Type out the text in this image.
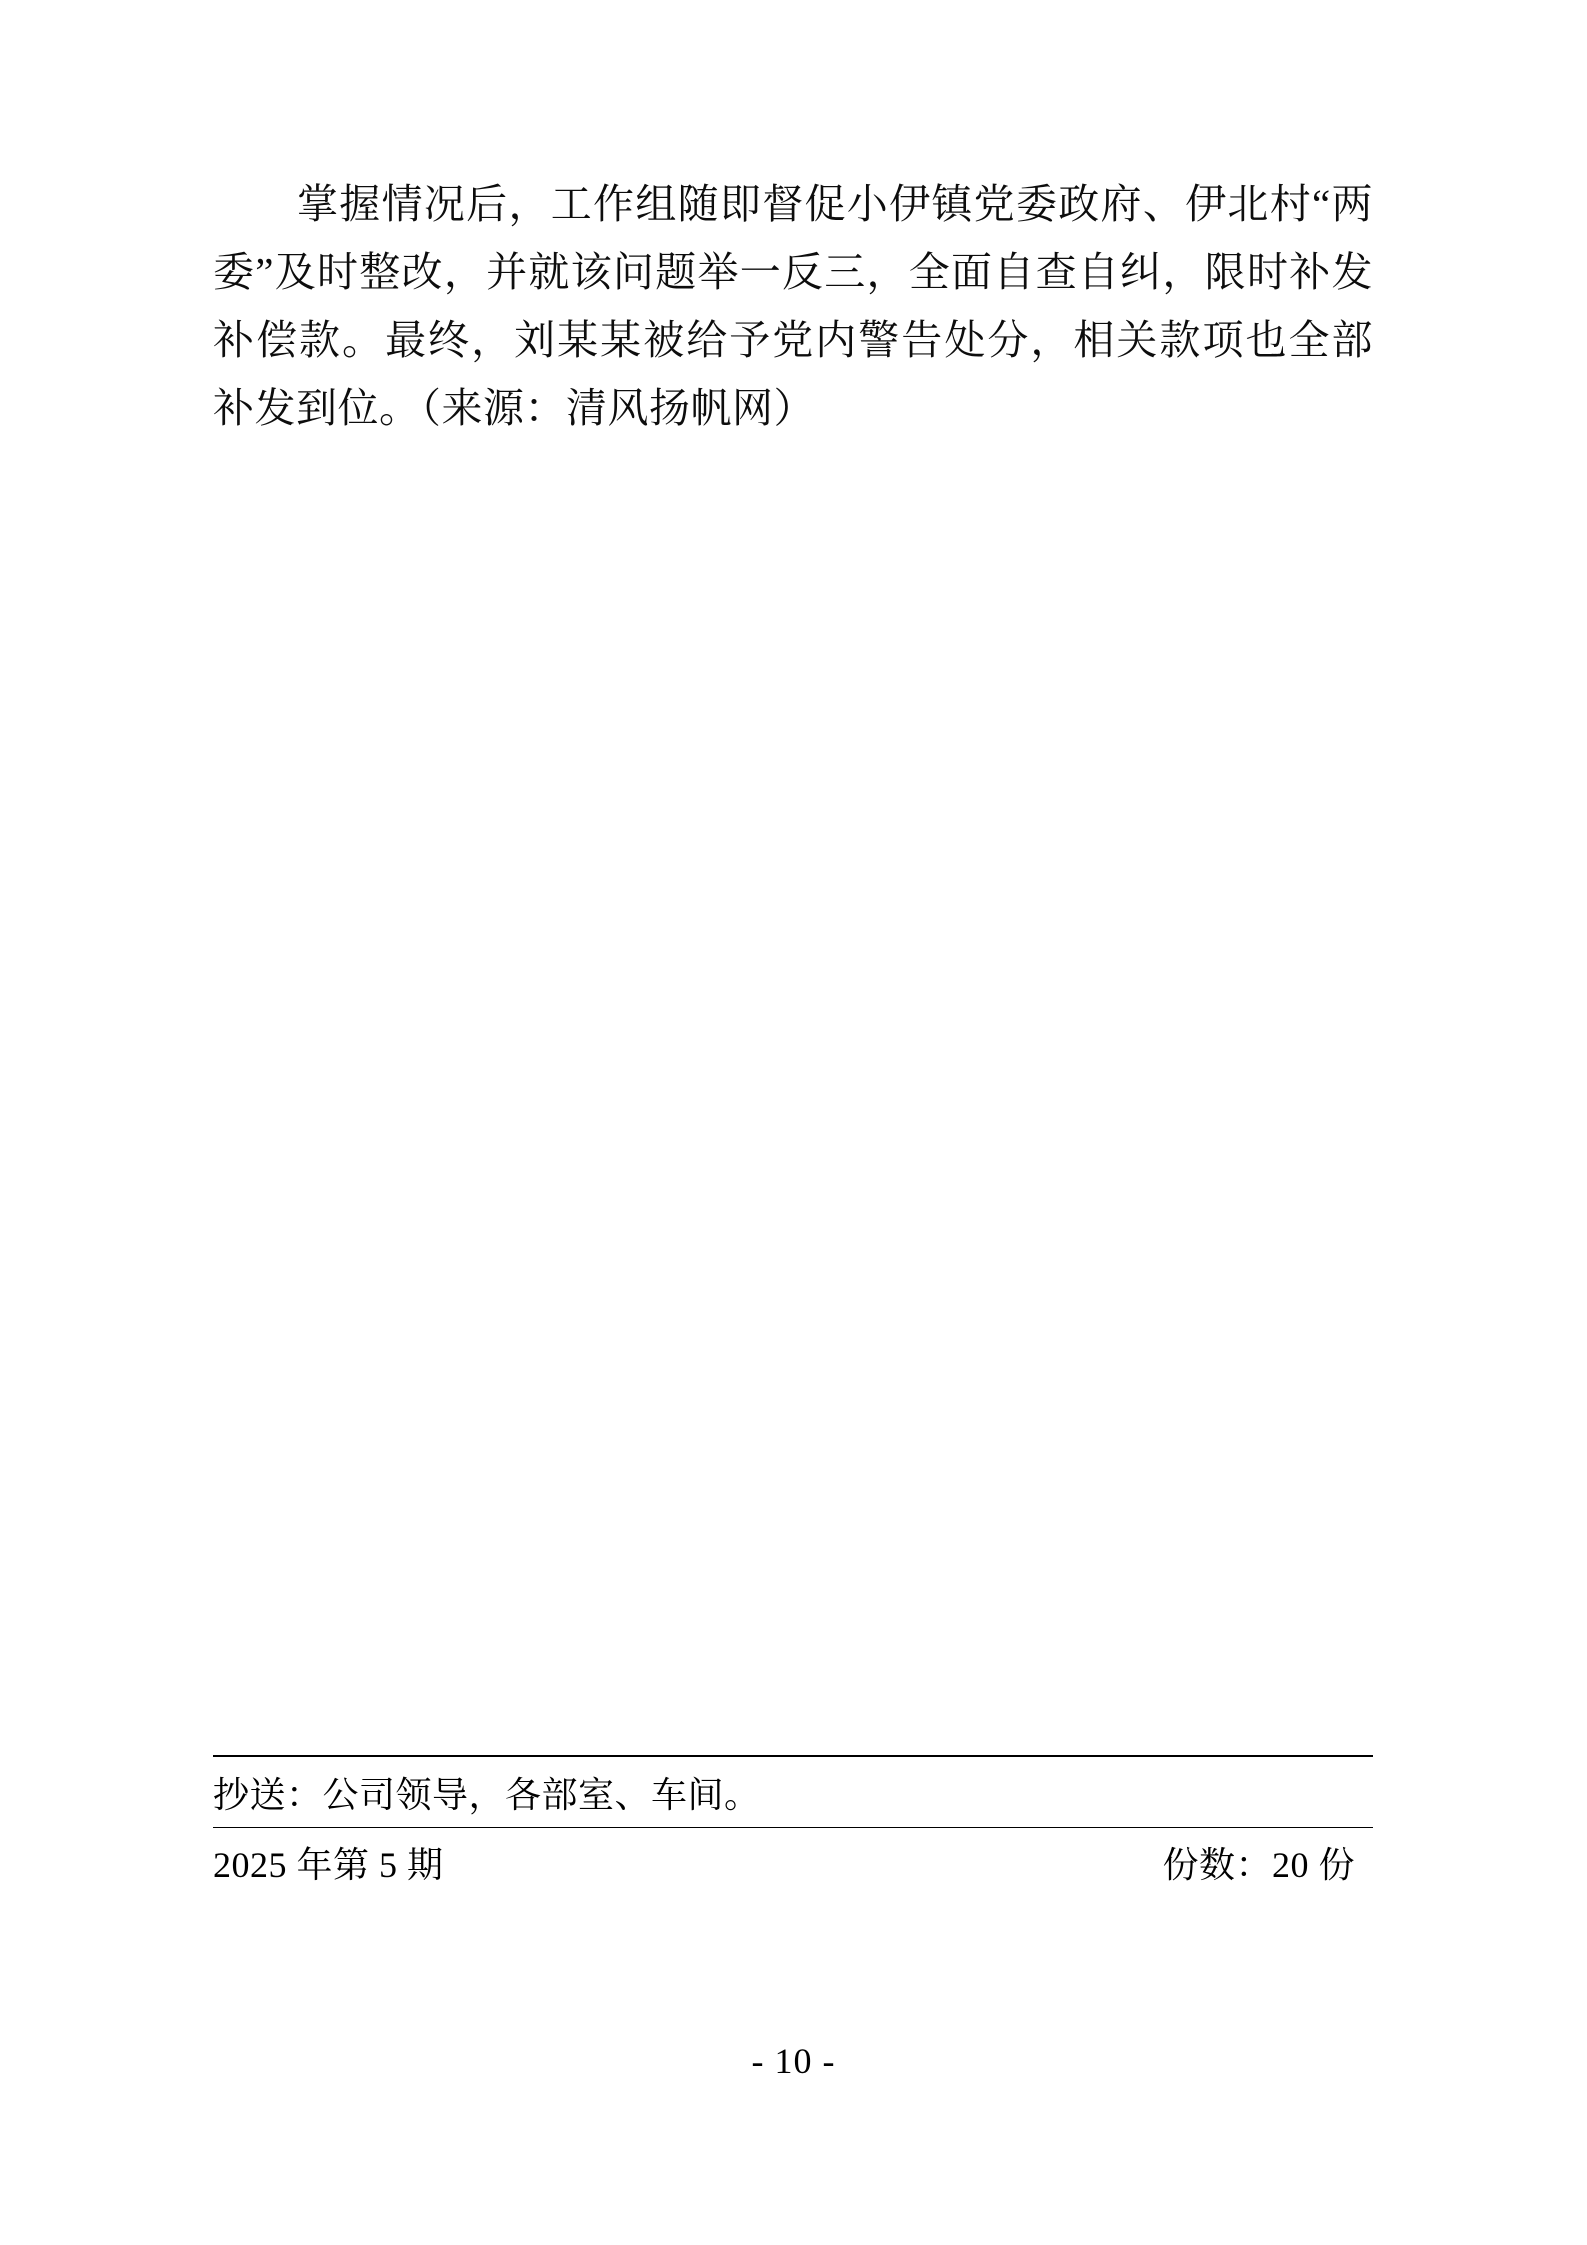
掌握情况后，工作组随即督促小伊镇党委政府、伊北村“两委”及时整改，并就该问题举一反三，全面自查自纠，限时补发补偿款。最终，刘某某被给予党内警告处分，相关款项也全部补发到位。（来源：清风扬帆网）

抄送：公司领导，各部室、车间。
2025 年第 5 期	份数：20 份
- 10 -
